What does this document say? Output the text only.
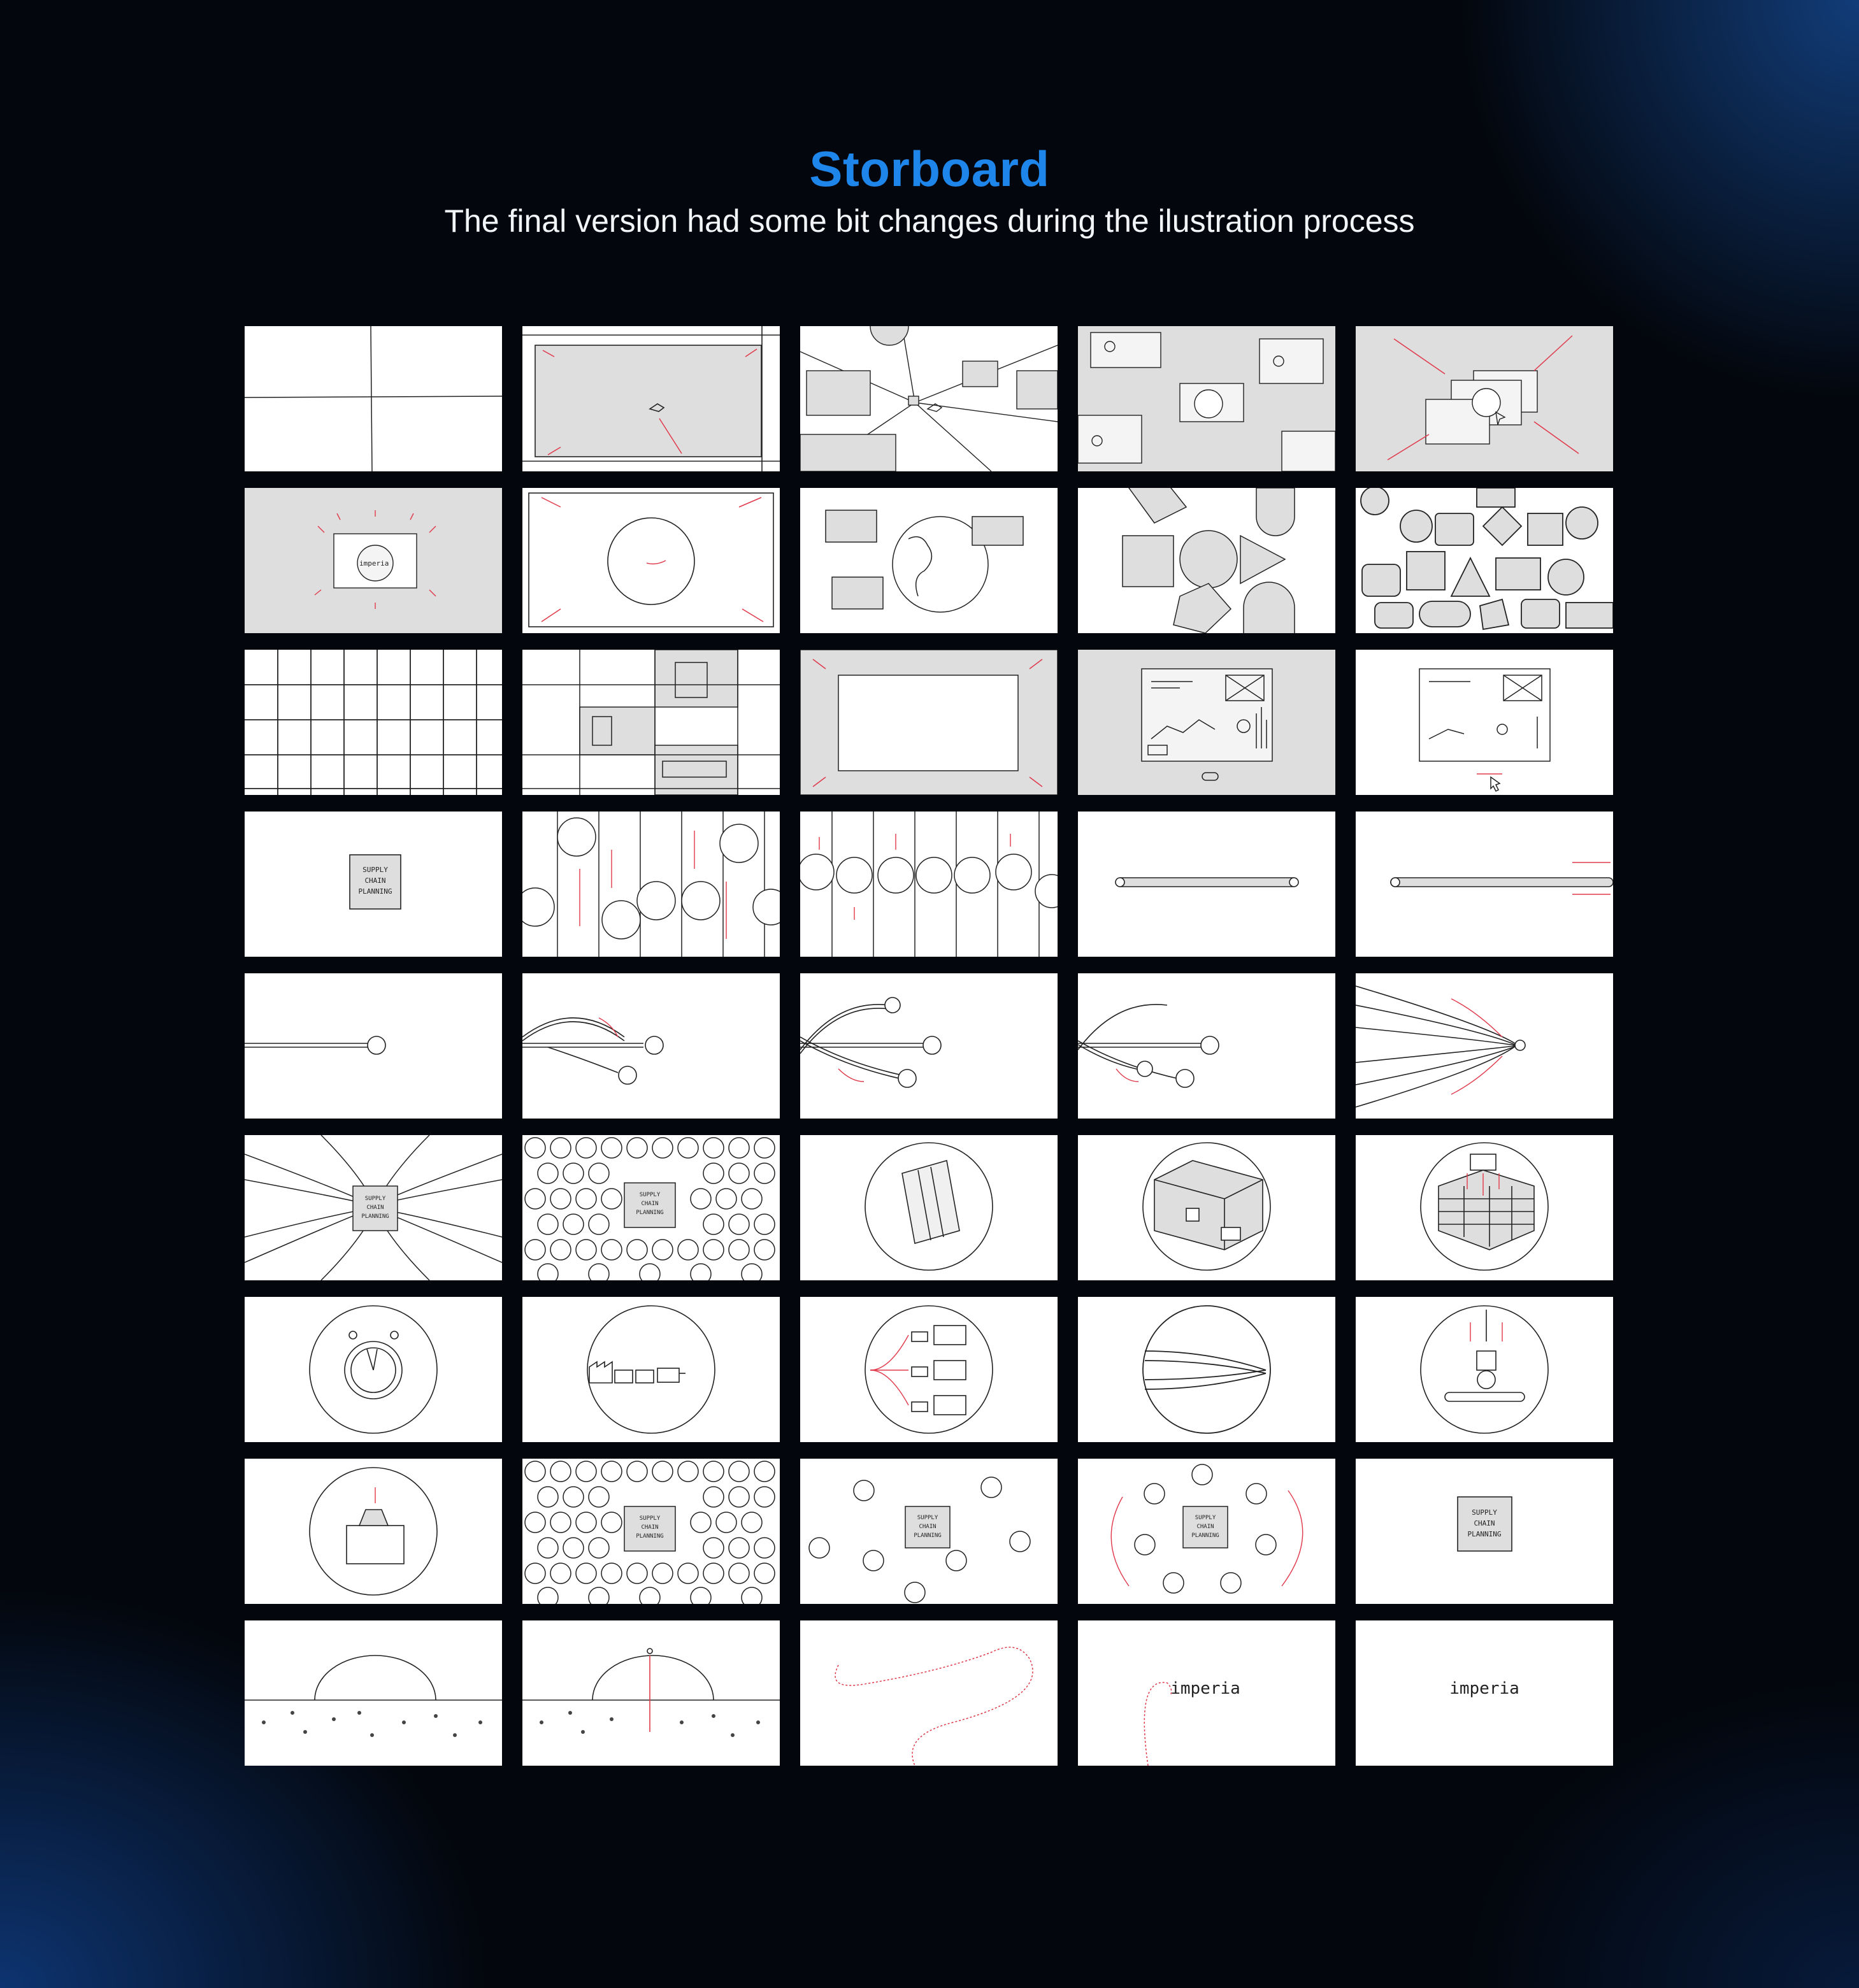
Storboard
The final version had some bit changes during the ilustration process
imperia
SUPPLY
CHAIN
PLANNING
SUPPLY
CHAIN
PLANNING
SUPPLY
CHAIN
PLANNING
SUPPLY
CHAIN
PLANNING
SUPPLY
CHAIN
PLANNING
SUPPLY
CHAIN
PLANNING
SUPPLY
CHAIN
PLANNING
imperia	imperia
